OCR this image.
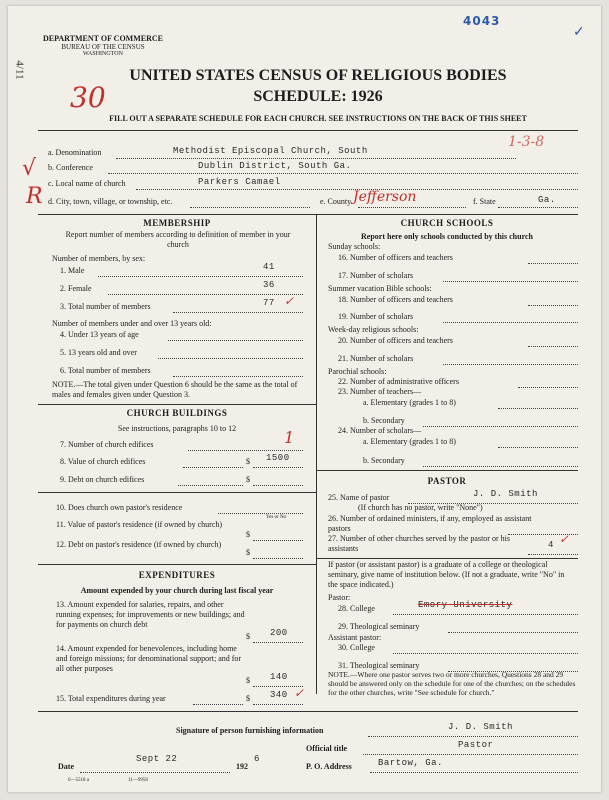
4043
✓
DEPARTMENT OF COMMERCE
BUREAU OF THE CENSUS
WASHINGTON
4/11
30
UNITED STATES CENSUS OF RELIGIOUS BODIES
SCHEDULE: 1926
FILL OUT A SEPARATE SCHEDULE FOR EACH CHURCH. SEE INSTRUCTIONS ON THE BACK OF THIS SHEET
1-3-8
a. Denomination	Methodist Episcopal Church, South
b. Conference	Dublin District, South Ga.
c. Local name of church	Parkers Camael
√
R d. City, town, village, or township, etc.	e. County Jefferson	f. State	Ga.
MEMBERSHIP
Report number of members according to definition of member in your church
Number of members, by sex:
1. Male	41
2. Female	36
3. Total number of members	77 ✓
Number of members under and over 13 years old:
4. Under 13 years of age
5. 13 years old and over
6. Total number of members
NOTE.—The total given under Question 6 should be the same as the total of males and females given under Question 3.
CHURCH BUILDINGS
See instructions, paragraphs 10 to 12
7. Number of church edifices	1
8. Value of church edifices	$ 1500
9. Debt on church edifices	$
10. Does church own pastor's residence
Yes or No
11. Value of pastor's residence (if owned by church)
$
12. Debt on pastor's residence (if owned by church)
$
EXPENDITURES
Amount expended by your church during last fiscal year
13. Amount expended for salaries, repairs, and other running expenses; for improvements or new buildings; and for payments on church debt
$ 200
14. Amount expended for benevolences, including home and foreign missions; for denominational support; and for all other purposes
$ 140
15. Total expenditures during year	$ 340 ✓
CHURCH SCHOOLS
Report here only schools conducted by this church
Sunday schools:
16. Number of officers and teachers
17. Number of scholars
Summer vacation Bible schools:
18. Number of officers and teachers
19. Number of scholars
Week-day religious schools:
20. Number of officers and teachers
21. Number of scholars
Parochial schools:
22. Number of administrative officers
23. Number of teachers—
a. Elementary (grades 1 to 8)
b. Secondary
24. Number of scholars—
a. Elementary (grades 1 to 8)
b. Secondary
PASTOR
25. Name of pastor	J. D. Smith
(If church has no pastor, write "None")
26. Number of ordained ministers, if any, employed as assistant pastors
27. Number of other churches served by the pastor or his assistants	4 ✓
If pastor (or assistant pastor) is a graduate of a college or theological seminary, give name of institution below. (If not a graduate, write "No" in the space indicated.)
Pastor:
28. College	Emory University
29. Theological seminary
Assistant pastor:
30. College
31. Theological seminary
NOTE.—Where one pastor serves two or more churches, Questions 28 and 29 should be answered only on the schedule for one of the churches; on the schedules for the other churches, write "See schedule for church."
Signature of person furnishing information	J. D. Smith
Official title	Pastor
Date
Sept 22
192
6
P. O. Address	Bartow, Ga.
6—5518 a	11—9958
